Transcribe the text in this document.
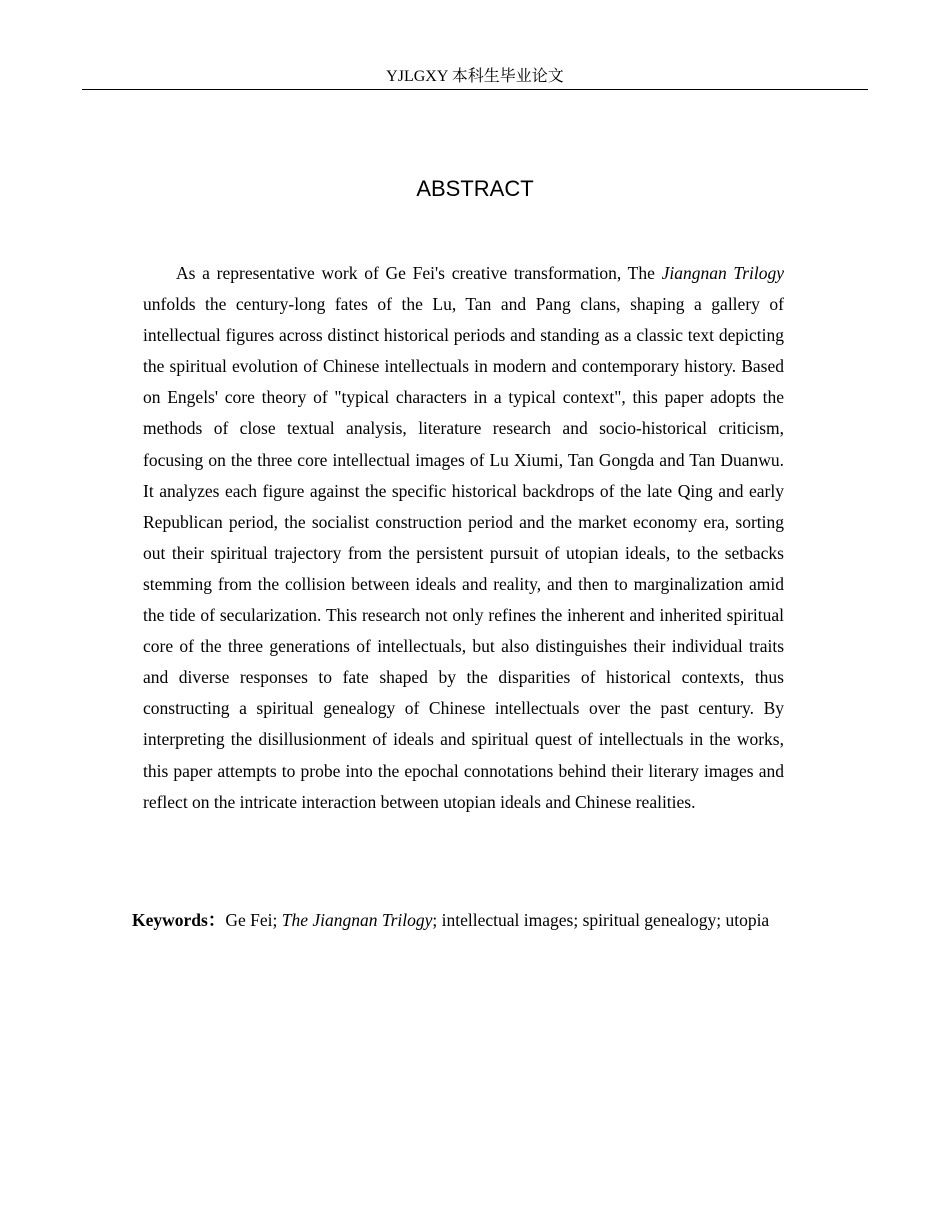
YJLGXY 本科生毕业论文
ABSTRACT

As a representative work of Ge Fei's creative transformation, The Jiangnan Trilogy unfolds the century-long fates of the Lu, Tan and Pang clans, shaping a gallery of intellectual figures across distinct historical periods and standing as a classic text depicting the spiritual evolution of Chinese intellectuals in modern and contemporary history. Based on Engels' core theory of "typical characters in a typical context", this paper adopts the methods of close textual analysis, literature research and socio-historical criticism, focusing on the three core intellectual images of Lu Xiumi, Tan Gongda and Tan Duanwu. It analyzes each figure against the specific historical backdrops of the late Qing and early Republican period, the socialist construction period and the market economy era, sorting out their spiritual trajectory from the persistent pursuit of utopian ideals, to the setbacks stemming from the collision between ideals and reality, and then to marginalization amid the tide of secularization. This research not only refines the inherent and inherited spiritual core of the three generations of intellectuals, but also distinguishes their individual traits and diverse responses to fate shaped by the disparities of historical contexts, thus constructing a spiritual genealogy of Chinese intellectuals over the past century. By interpreting the disillusionment of ideals and spiritual quest of intellectuals in the works, this paper attempts to probe into the epochal connotations behind their literary images and reflect on the intricate interaction between utopian ideals and Chinese realities.

Keywords：Ge Fei; The Jiangnan Trilogy; intellectual images; spiritual genealogy; utopia
